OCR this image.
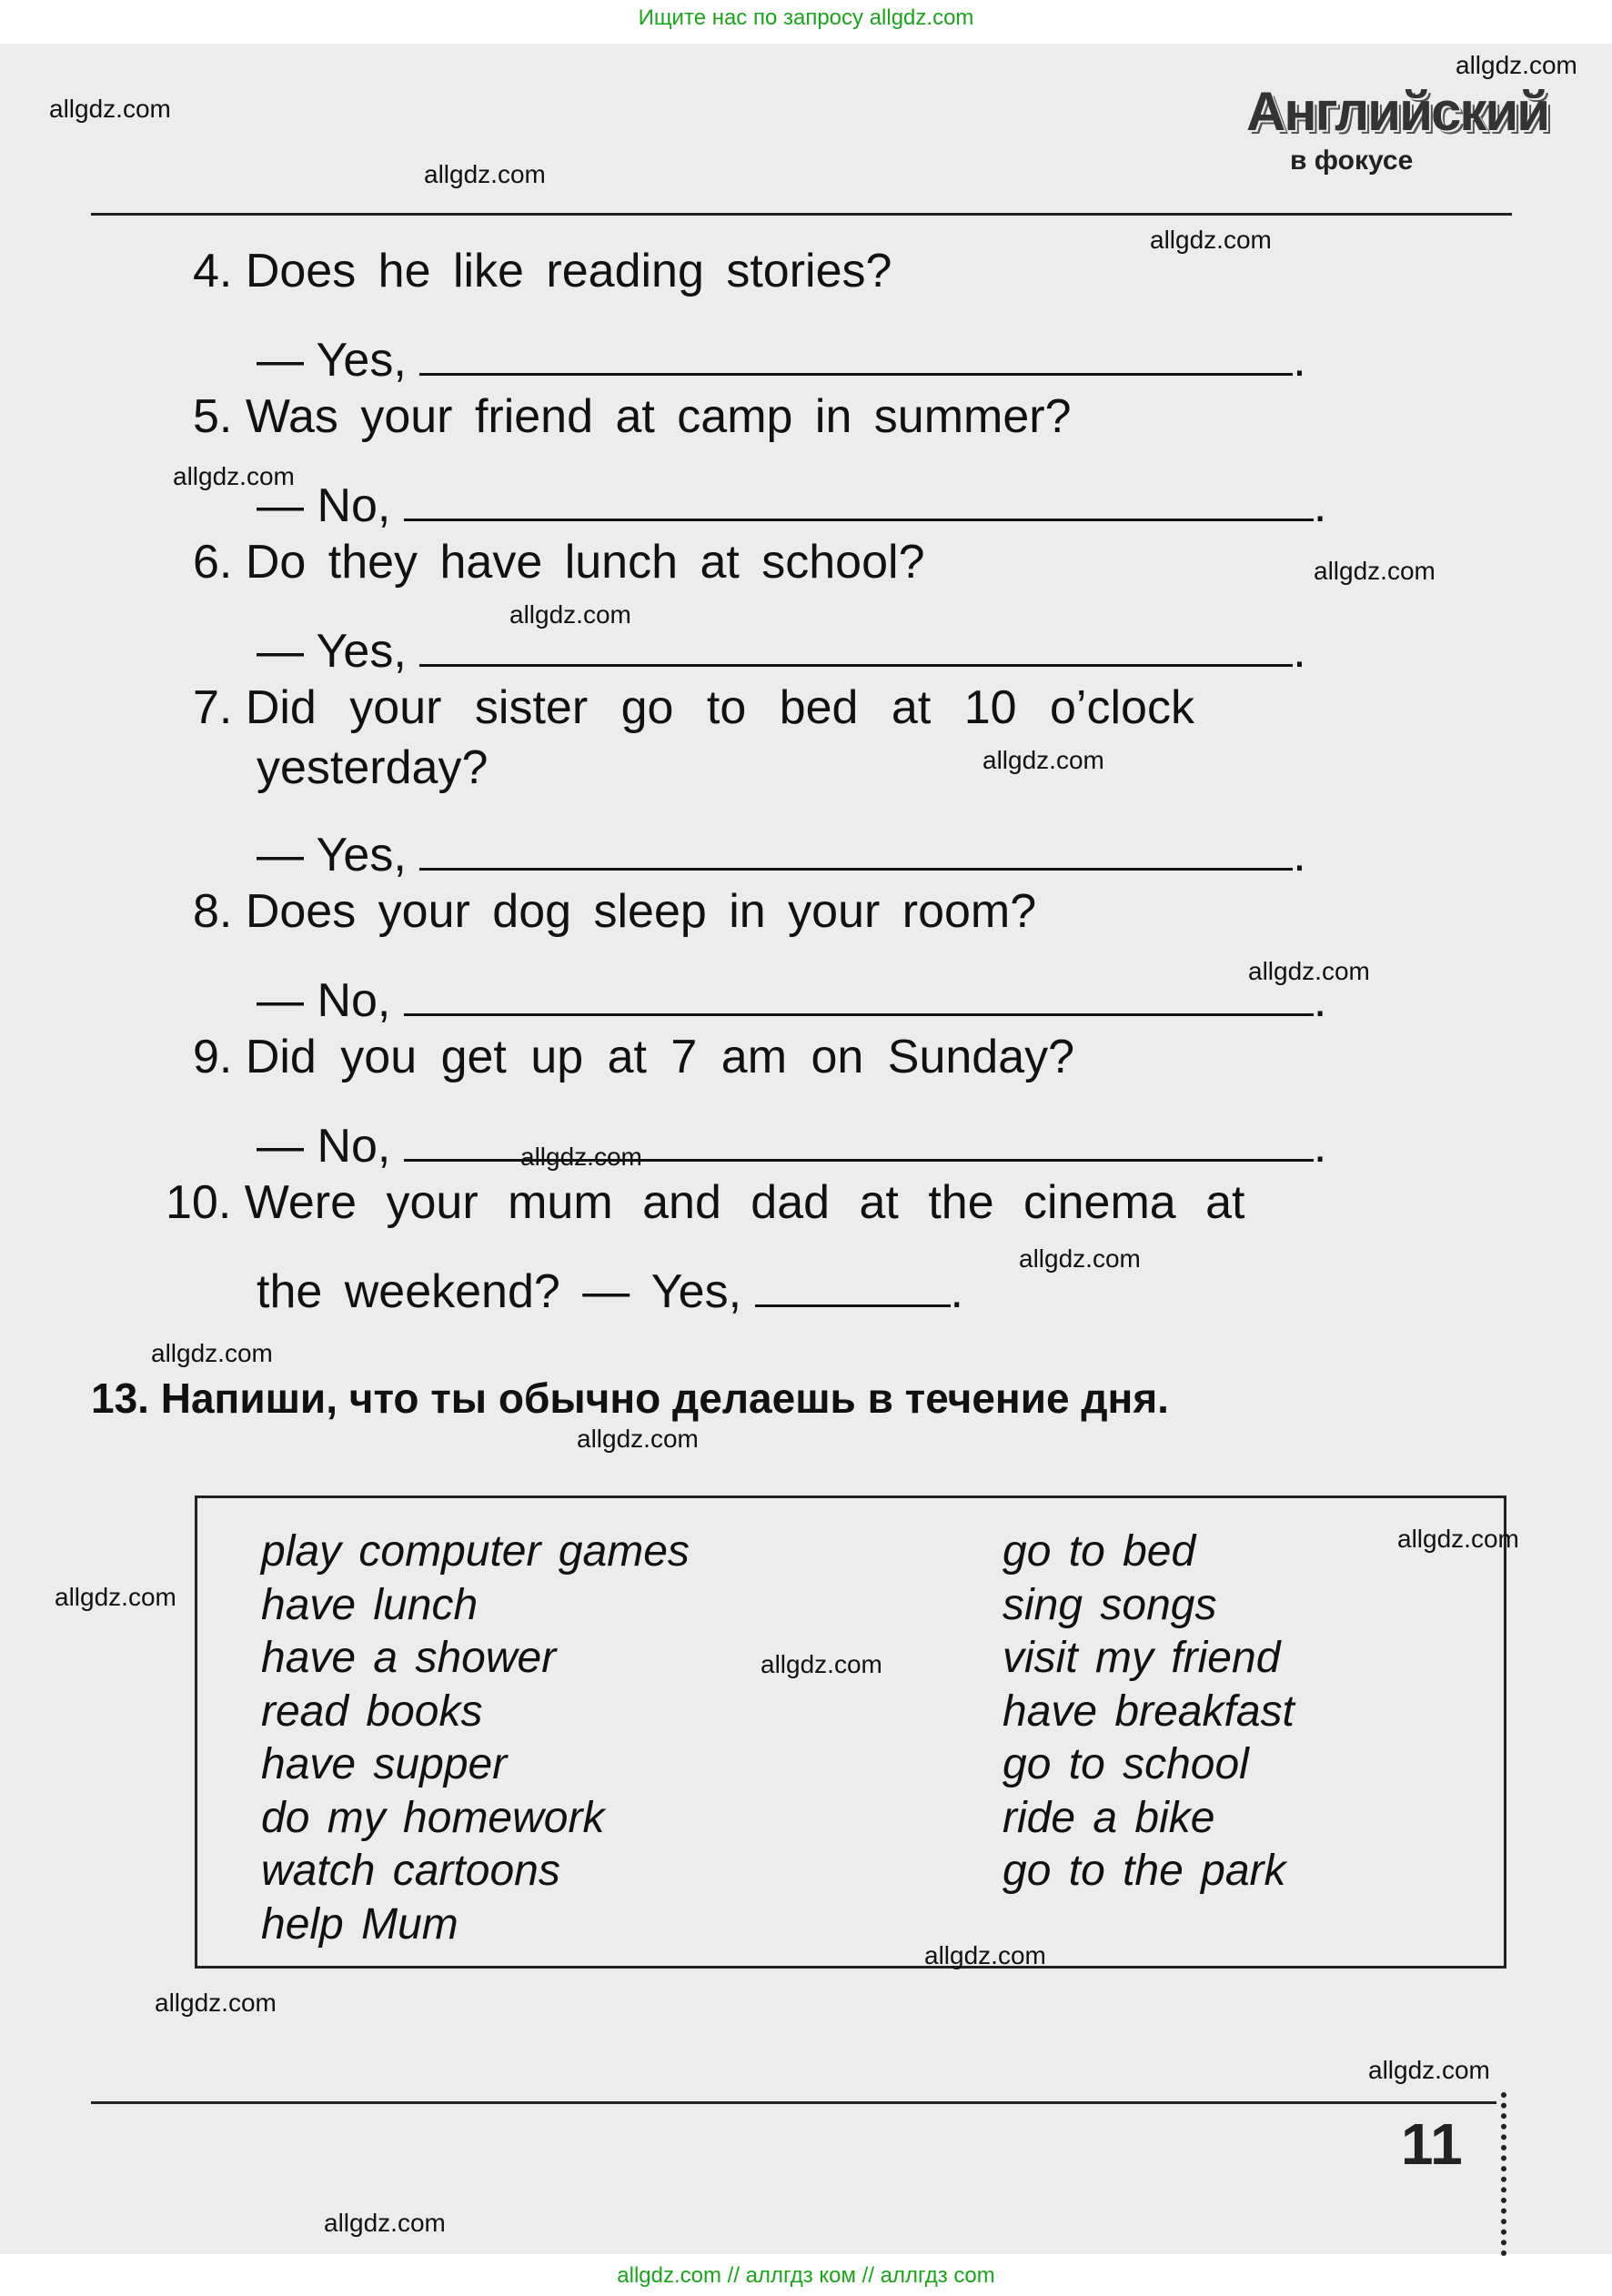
Ищите нас по запросу allgdz.com
Английский
в фокусе
4. Does he like reading stories?
— Yes,	.
5. Was your friend at camp in summer?
— No,	.
6. Do they have lunch at school?
— Yes,	.
7. Did your sister go to bed at 10 o’clock
yesterday?
— Yes,	.
8. Does your dog sleep in your room?
— No,	.
9. Did you get up at 7 am on Sunday?
— No,	.
10. Were your mum and dad at the cinema at
the weekend? — Yes,	.
13. Напиши, что ты обычно делаешь в течение дня.
play computer games
have lunch
have a shower
read books
have supper
do my homework
watch cartoons
help Mum
go to bed
sing songs
visit my friend
have breakfast
go to school
ride a bike
go to the park
11
allgdz.com
allgdz.com
allgdz.com
allgdz.com
allgdz.com
allgdz.com
allgdz.com
allgdz.com
allgdz.com
allgdz.com
allgdz.com
allgdz.com
allgdz.com
allgdz.com
allgdz.com
allgdz.com
allgdz.com
allgdz.com
allgdz.com
allgdz.com
allgdz.com // аллгдз ком // аллгдз com
